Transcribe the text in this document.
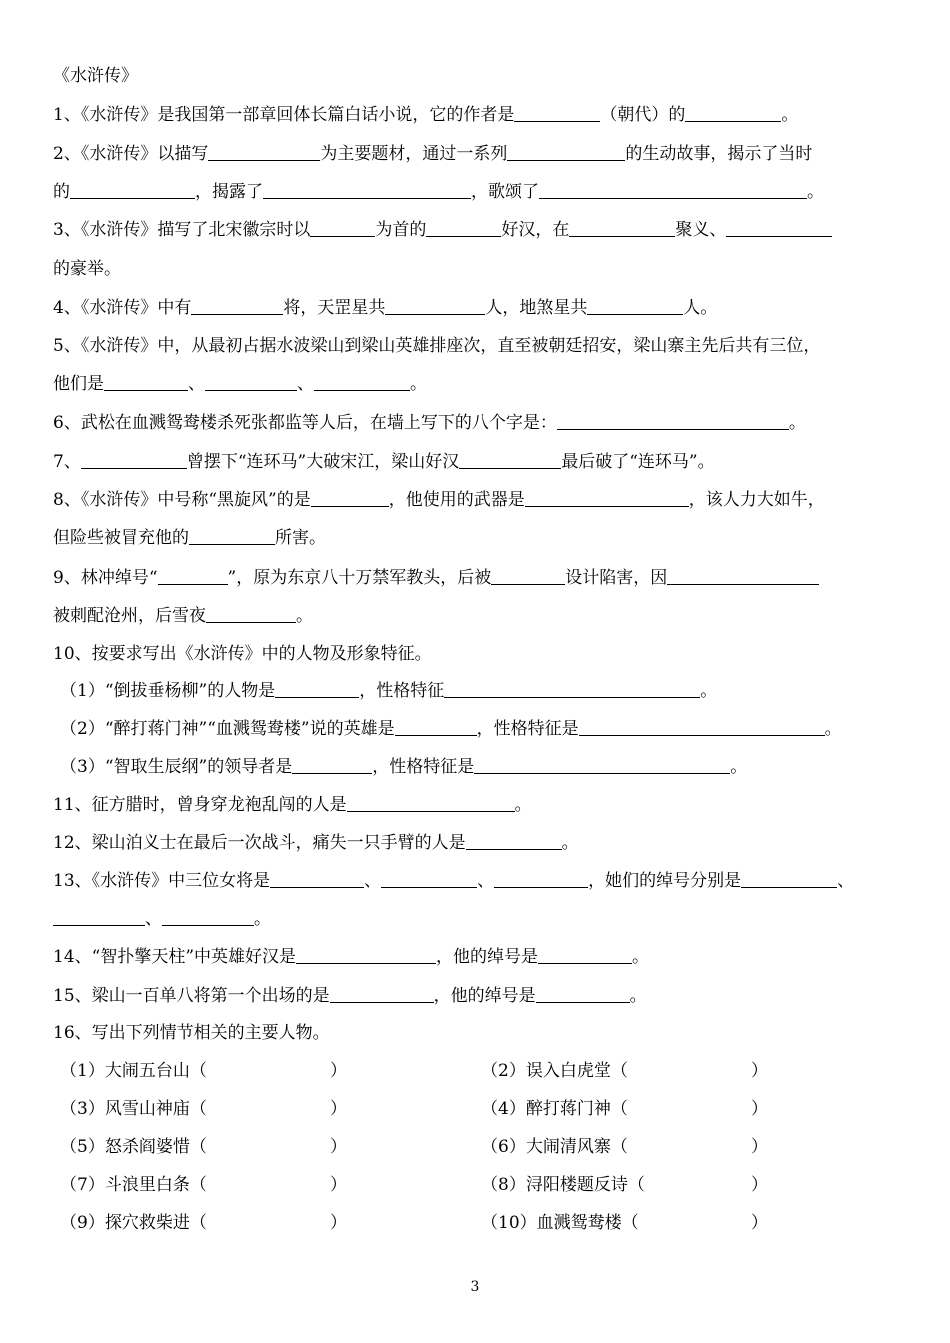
《水浒传》
1、《水浒传》是我国第一部章回体长篇白话小说，它的作者是	（朝代）的	。
2、《水浒传》以描写	为主要题材，通过一系列	的生动故事，揭示了当时
的	，揭露了	，歌颂了	。
3、《水浒传》描写了北宋徽宗时以	为首的	好汉，在	聚义、
的豪举。
4、《水浒传》中有	将，天罡星共	人，地煞星共	人。
5、《水浒传》中，从最初占据水波梁山到梁山英雄排座次，直至被朝廷招安，梁山寨主先后共有三位，
他们是	、	、	。
6、武松在血溅鸳鸯楼杀死张都监等人后，在墙上写下的八个字是：	。
7、	曾摆下“连环马”大破宋江，梁山好汉	最后破了“连环马”。
8、《水浒传》中号称“黑旋风”的是	，他使用的武器是	，该人力大如牛，
但险些被冒充他的	所害。
9、林冲绰号“	”，原为东京八十万禁军教头，后被	设计陷害，因
被刺配沧州，后雪夜	。
10、按要求写出《水浒传》中的人物及形象特征。
（1）“倒拔垂杨柳”的人物是	，性格特征	。
（2）“醉打蒋门神”“血溅鸳鸯楼”说的英雄是	，性格特征是	。
（3）“智取生辰纲”的领导者是	，性格特征是	。
11、征方腊时，曾身穿龙袍乱闯的人是	。
12、梁山泊义士在最后一次战斗，痛失一只手臂的人是	。
13、《水浒传》中三位女将是	、	、	，她们的绰号分别是	、
、	。
14、“智扑擎天柱”中英雄好汉是	，他的绰号是	。
15、梁山一百单八将第一个出场的是	，他的绰号是	。
16、写出下列情节相关的主要人物。
（1）大闹五台山（	）	（2）误入白虎堂（	）
（3）风雪山神庙（	）	（4）醉打蒋门神（	）
（5）怒杀阎婆惜（	）	（6）大闹清风寨（	）
（7）斗浪里白条（	）	（8）浔阳楼题反诗（	）
（9）探穴救柴进（	）	（10）血溅鸳鸯楼（	）
3
